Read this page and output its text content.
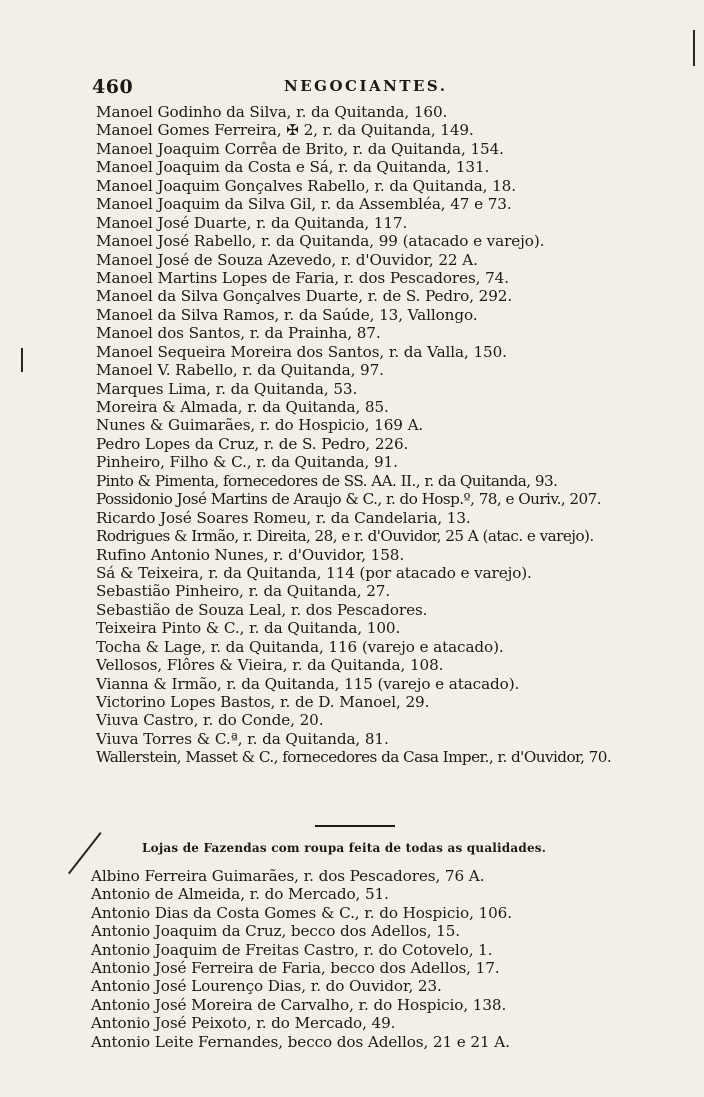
460	NEGOCIANTES.
Manoel Godinho da Silva, r. da Quitanda, 160.
Manoel Gomes Ferreira, ✠ 2, r. da Quitanda, 149.
Manoel Joaquim Corrêa de Brito, r. da Quitanda, 154.
Manoel Joaquim da Costa e Sá, r. da Quitanda, 131.
Manoel Joaquim Gonçalves Rabello, r. da Quitanda, 18.
Manoel Joaquim da Silva Gil, r. da Assembléa, 47 e 73.
Manoel José Duarte, r. da Quitanda, 117.
Manoel José Rabello, r. da Quitanda, 99 (atacado e varejo).
Manoel José de Souza Azevedo, r. d'Ouvidor, 22 A.
Manoel Martins Lopes de Faria, r. dos Pescadores, 74.
Manoel da Silva Gonçalves Duarte, r. de S. Pedro, 292.
Manoel da Silva Ramos, r. da Saúde, 13, Vallongo.
Manoel dos Santos, r. da Prainha, 87.
Manoel Sequeira Moreira dos Santos, r. da Valla, 150.
Manoel V. Rabello, r. da Quitanda, 97.
Marques Lima, r. da Quitanda, 53.
Moreira & Almada, r. da Quitanda, 85.
Nunes & Guimarães, r. do Hospicio, 169 A.
Pedro Lopes da Cruz, r. de S. Pedro, 226.
Pinheiro, Filho & C., r. da Quitanda, 91.
Pinto & Pimenta, fornecedores de SS. AA. II., r. da Quitanda, 93.
Possidonio José Martins de Araujo & C., r. do Hosp.º, 78, e Ouriv., 207.
Ricardo José Soares Romeu, r. da Candelaria, 13.
Rodrigues & Irmão, r. Direita, 28, e r. d'Ouvidor, 25 A (atac. e varejo).
Rufino Antonio Nunes, r. d'Ouvidor, 158.
Sá & Teixeira, r. da Quitanda, 114 (por atacado e varejo).
Sebastião Pinheiro, r. da Quitanda, 27.
Sebastião de Souza Leal, r. dos Pescadores.
Teixeira Pinto & C., r. da Quitanda, 100.
Tocha & Lage, r. da Quitanda, 116 (varejo e atacado).
Vellosos, Flôres & Vieira, r. da Quitanda, 108.
Vianna & Irmão, r. da Quitanda, 115 (varejo e atacado).
Victorino Lopes Bastos, r. de D. Manoel, 29.
Viuva Castro, r. do Conde, 20.
Viuva Torres & C.ª, r. da Quitanda, 81.
Wallerstein, Masset & C., fornecedores da Casa Imper., r. d'Ouvidor, 70.
Lojas de Fazendas com roupa feita de todas as qualidades.
Albino Ferreira Guimarães, r. dos Pescadores, 76 A.
Antonio de Almeida, r. do Mercado, 51.
Antonio Dias da Costa Gomes & C., r. do Hospicio, 106.
Antonio Joaquim da Cruz, becco dos Adellos, 15.
Antonio Joaquim de Freitas Castro, r. do Cotovelo, 1.
Antonio José Ferreira de Faria, becco dos Adellos, 17.
Antonio José Lourenço Dias, r. do Ouvidor, 23.
Antonio José Moreira de Carvalho, r. do Hospicio, 138.
Antonio José Peixoto, r. do Mercado, 49.
Antonio Leite Fernandes, becco dos Adellos, 21 e 21 A.
